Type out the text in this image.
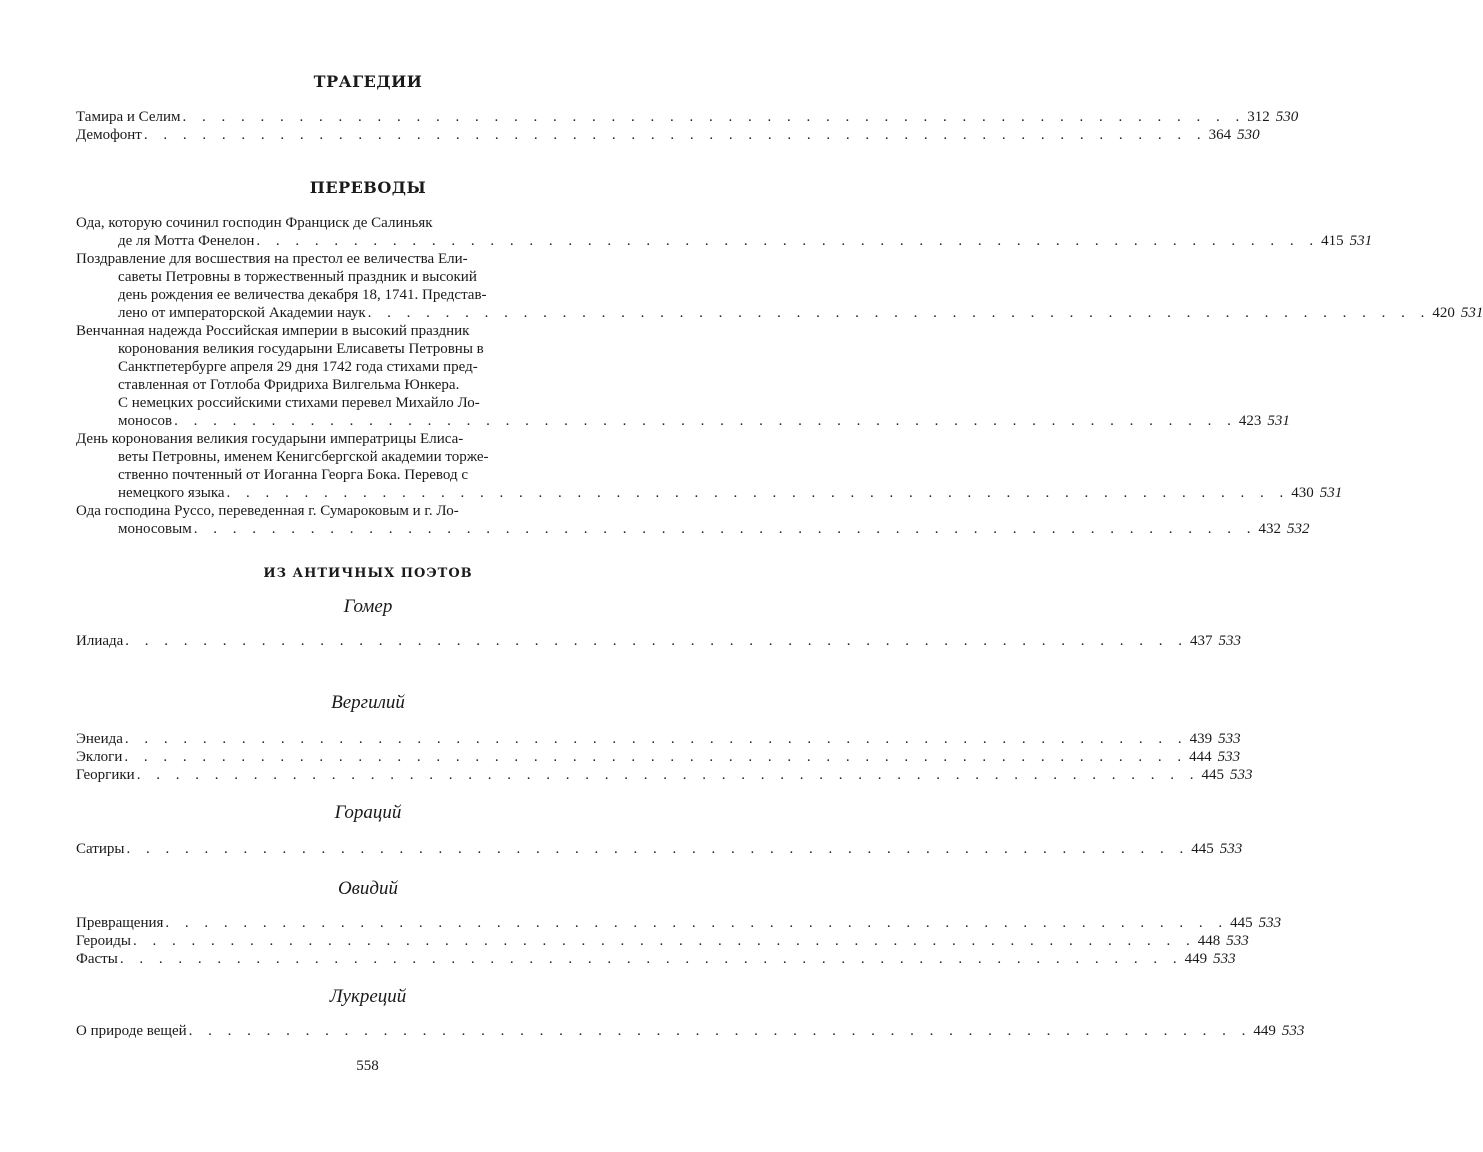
ТРАГЕДИИ
Тамира и Селим . . .	312 530
Демофонт . . .	364 530
ПЕРЕВОДЫ
Ода, которую сочинил господин Франциск де Салиньяк
де ля Мотта Фенелон . . .	415 531
Поздравление для восшествия на престол ее величества Ели-
саветы Петровны в торжественный праздник и высокий
день рождения ее величества декабря 18, 1741. Представ-
лено от императорской Академии наук . . .	420 531
Венчанная надежда Российская империи в высокий праздник
коронования великия государыни Елисаветы Петровны в
Санктпетербурге апреля 29 дня 1742 года стихами пред-
ставленная от Готлоба Фридриха Вилгельма Юнкера.
С немецких российскими стихами перевел Михайло Ло-
моносов . . .	423 531
День коронования великия государыни императрицы Елиса-
веты Петровны, именем Кенигсбергской академии торже-
ственно почтенный от Иоганна Георга Бока. Перевод с
немецкого языка . . .	430 531
Ода господина Руссо, переведенная г. Сумароковым и г. Ло-
моносовым . . .	432 532
ИЗ АНТИЧНЫХ ПОЭТОВ
Гомер
Илиада . . .	437 533
Вергилий
Энеида . . .	439 533
Эклоги . . .	444 533
Георгики . . .	445 533
Гораций
Сатиры . . .	445 533
Овидий
Превращения . . .	445 533
Героиды . . .	448 533
Фасты . . .	449 533
Лукреций
О природе вещей . . .	449 533
558
